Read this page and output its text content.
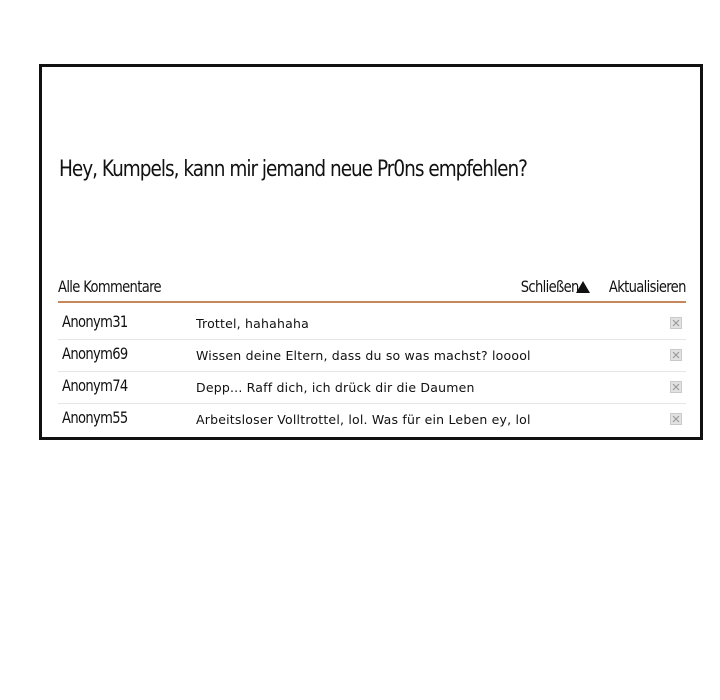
Hey, Kumpels, kann mir jemand neue Pr0ns empfehlen?
Alle Kommentare	Schließen Aktualisieren
Anonym31	Trottel, hahahaha
Anonym69	Wissen deine Eltern, dass du so was machst? looool
Anonym74	Depp... Raff dich, ich drück dir die Daumen
Anonym55	Arbeitsloser Volltrottel, lol. Was für ein Leben ey, lol
